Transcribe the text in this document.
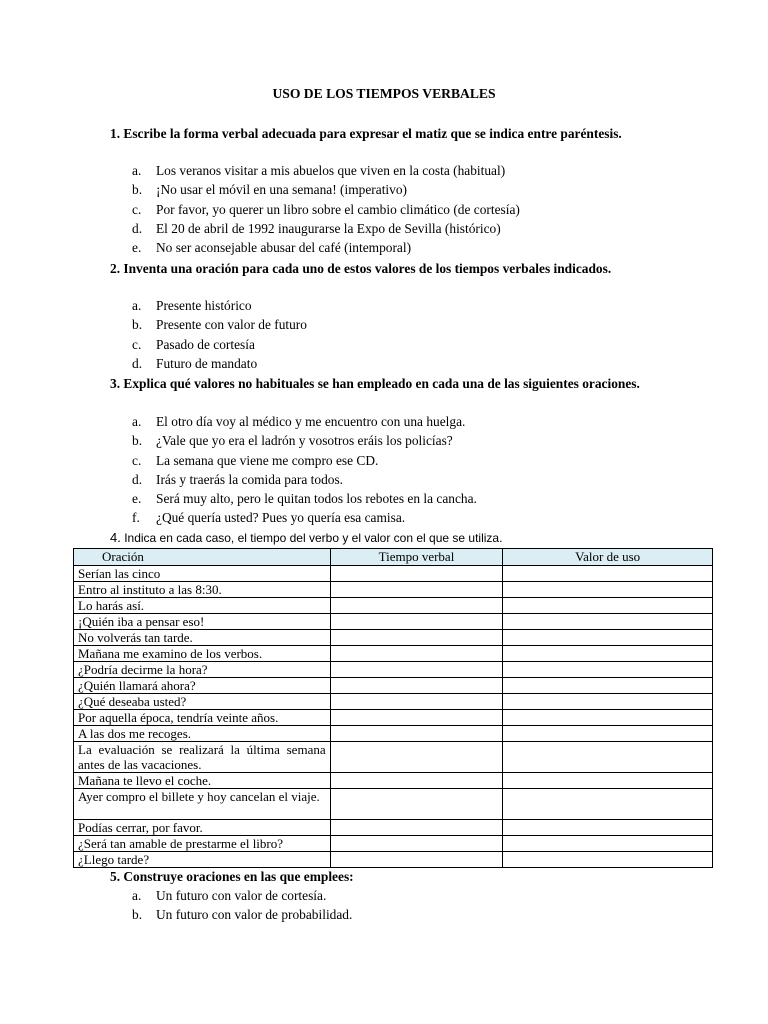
USO DE LOS TIEMPOS VERBALES
1. Escribe la forma verbal adecuada para expresar el matiz que se indica entre paréntesis.
a. Los veranos visitar a mis abuelos que viven en la costa (habitual)
b. ¡No usar el móvil en una semana! (imperativo)
c. Por favor, yo querer un libro sobre el cambio climático (de cortesía)
d. El 20 de abril de 1992 inaugurarse la Expo de Sevilla (histórico)
e. No ser aconsejable abusar del café (intemporal)
2. Inventa una oración para cada uno de estos valores de los tiempos verbales indicados.
a. Presente histórico
b. Presente con valor de futuro
c. Pasado de cortesía
d. Futuro de mandato
3. Explica qué valores no habituales se han empleado en cada una de las siguientes oraciones.
a. El otro día voy al médico y me encuentro con una huelga.
b. ¿Vale que yo era el ladrón y vosotros eráis los policías?
c. La semana que viene me compro ese CD.
d. Irás y traerás la comida para todos.
e. Será muy alto, pero le quitan todos los rebotes en la cancha.
f. ¿Qué quería usted? Pues yo quería esa camisa.
4. Indica en cada caso, el tiempo del verbo y el valor con el que se utiliza.
Oración	Tiempo verbal	Valor de uso
Serían las cinco		
Entro al instituto a las 8:30.		
Lo harás así.		
¡Quién iba a pensar eso!		
No volverás tan tarde.		
Mañana me examino de los verbos.		
¿Podría decirme la hora?		
¿Quién llamará ahora?		
¿Qué deseaba usted?		
Por aquella época, tendría veinte años.		
A las dos me recoges.		
La evaluación se realizará la última semana antes de las vacaciones.		
Mañana te llevo el coche.		
Ayer compro el billete y hoy cancelan el viaje.		
Podías cerrar, por favor.		
¿Será tan amable de prestarme el libro?		
¿Llego tarde?		
5. Construye oraciones en las que emplees:
a. Un futuro con valor de cortesía.
b. Un futuro con valor de probabilidad.
